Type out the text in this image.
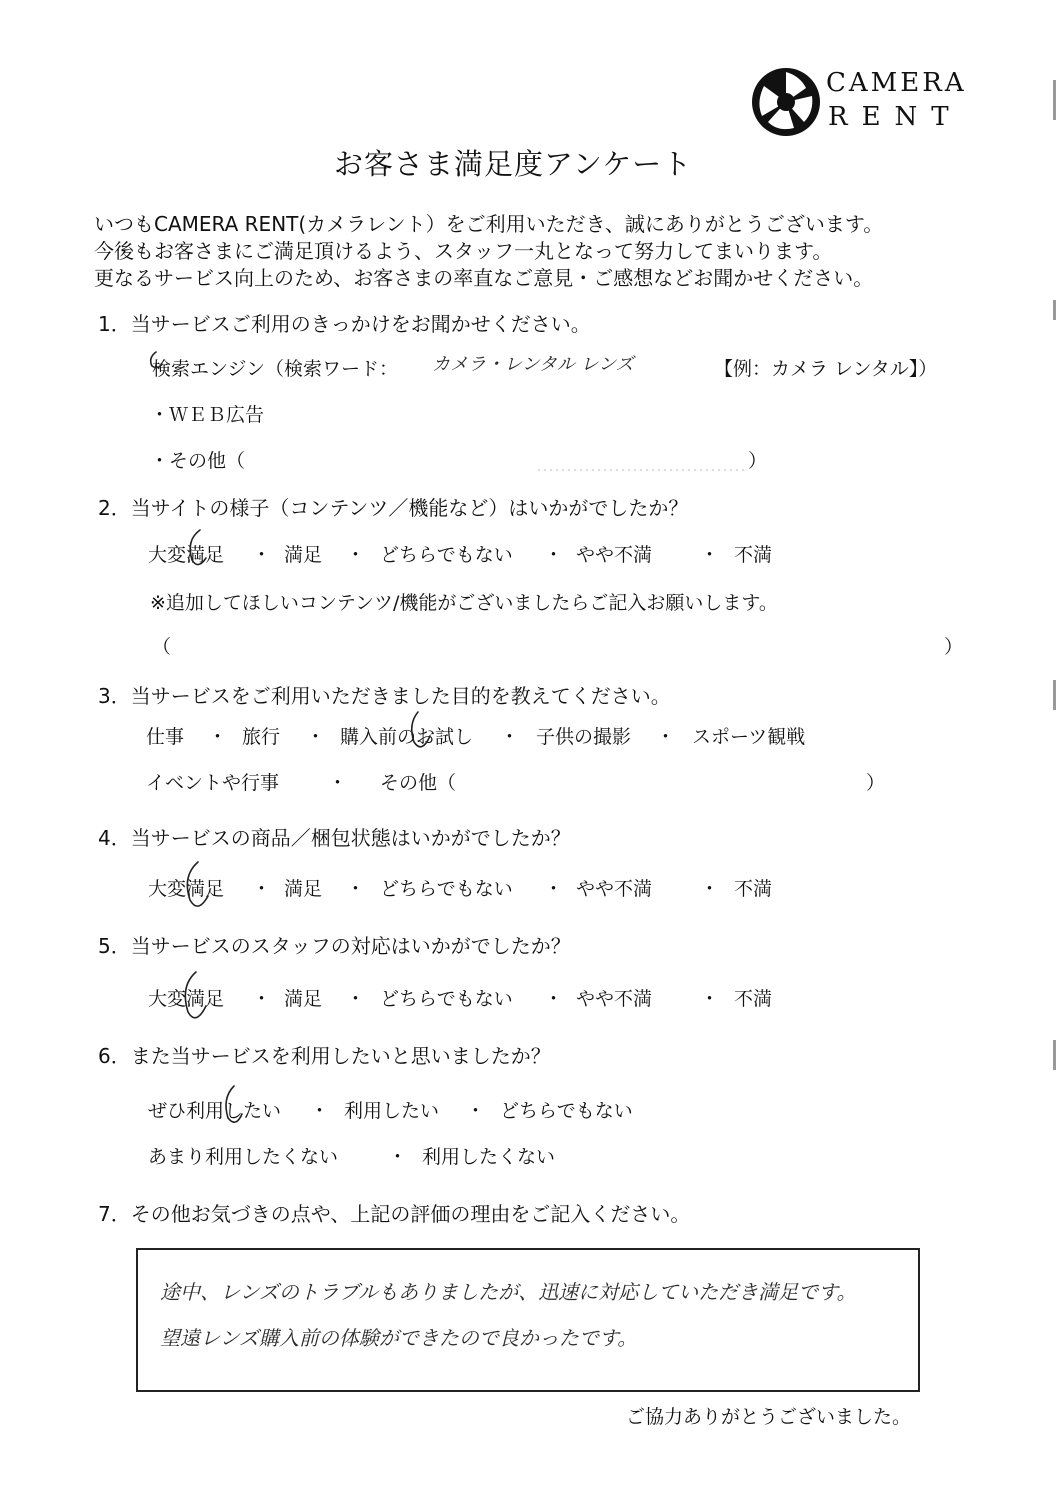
CAMERA
RENT
お客さま満足度アンケート
いつもCAMERA RENT(カメラレント）をご利用いただき、誠にありがとうございます。
今後もお客さまにご満足頂けるよう、スタッフ一丸となって努力してまいります。
更なるサービス向上のため、お客さまの率直なご意見・ご感想などお聞かせください。
1．当サービスご利用のきっかけをお聞かせください。
検索エンジン（検索ワード： カメラ・レンタル レンズ	【例：カメラ レンタル】）
・ＷＥＢ広告
・その他（	）
2．当サイトの様子（コンテンツ／機能など）はいかがでしたか？
大変満足 ・ 満足 ・ どちらでもない ・ やや不満	・ 不満
※追加してほしいコンテンツ/機能がございましたらご記入お願いします。
（	）
3．当サービスをご利用いただきました目的を教えてください。
仕事 ・ 旅行 ・ 購入前のお試し ・ 子供の撮影 ・ スポーツ観戦
イベントや行事	・ その他（	）
4．当サービスの商品／梱包状態はいかがでしたか？
大変満足 ・ 満足 ・ どちらでもない ・ やや不満	・ 不満
5．当サービスのスタッフの対応はいかがでしたか？
大変満足 ・ 満足 ・ どちらでもない ・ やや不満	・ 不満
6．また当サービスを利用したいと思いましたか？
ぜひ利用したい ・ 利用したい ・ どちらでもない
あまり利用したくない	・ 利用したくない
7．その他お気づきの点や、上記の評価の理由をご記入ください。
途中、レンズのトラブルもありましたが、迅速に対応していただき満足です。
望遠レンズ購入前の体験ができたので良かったです。
ご協力ありがとうございました。
